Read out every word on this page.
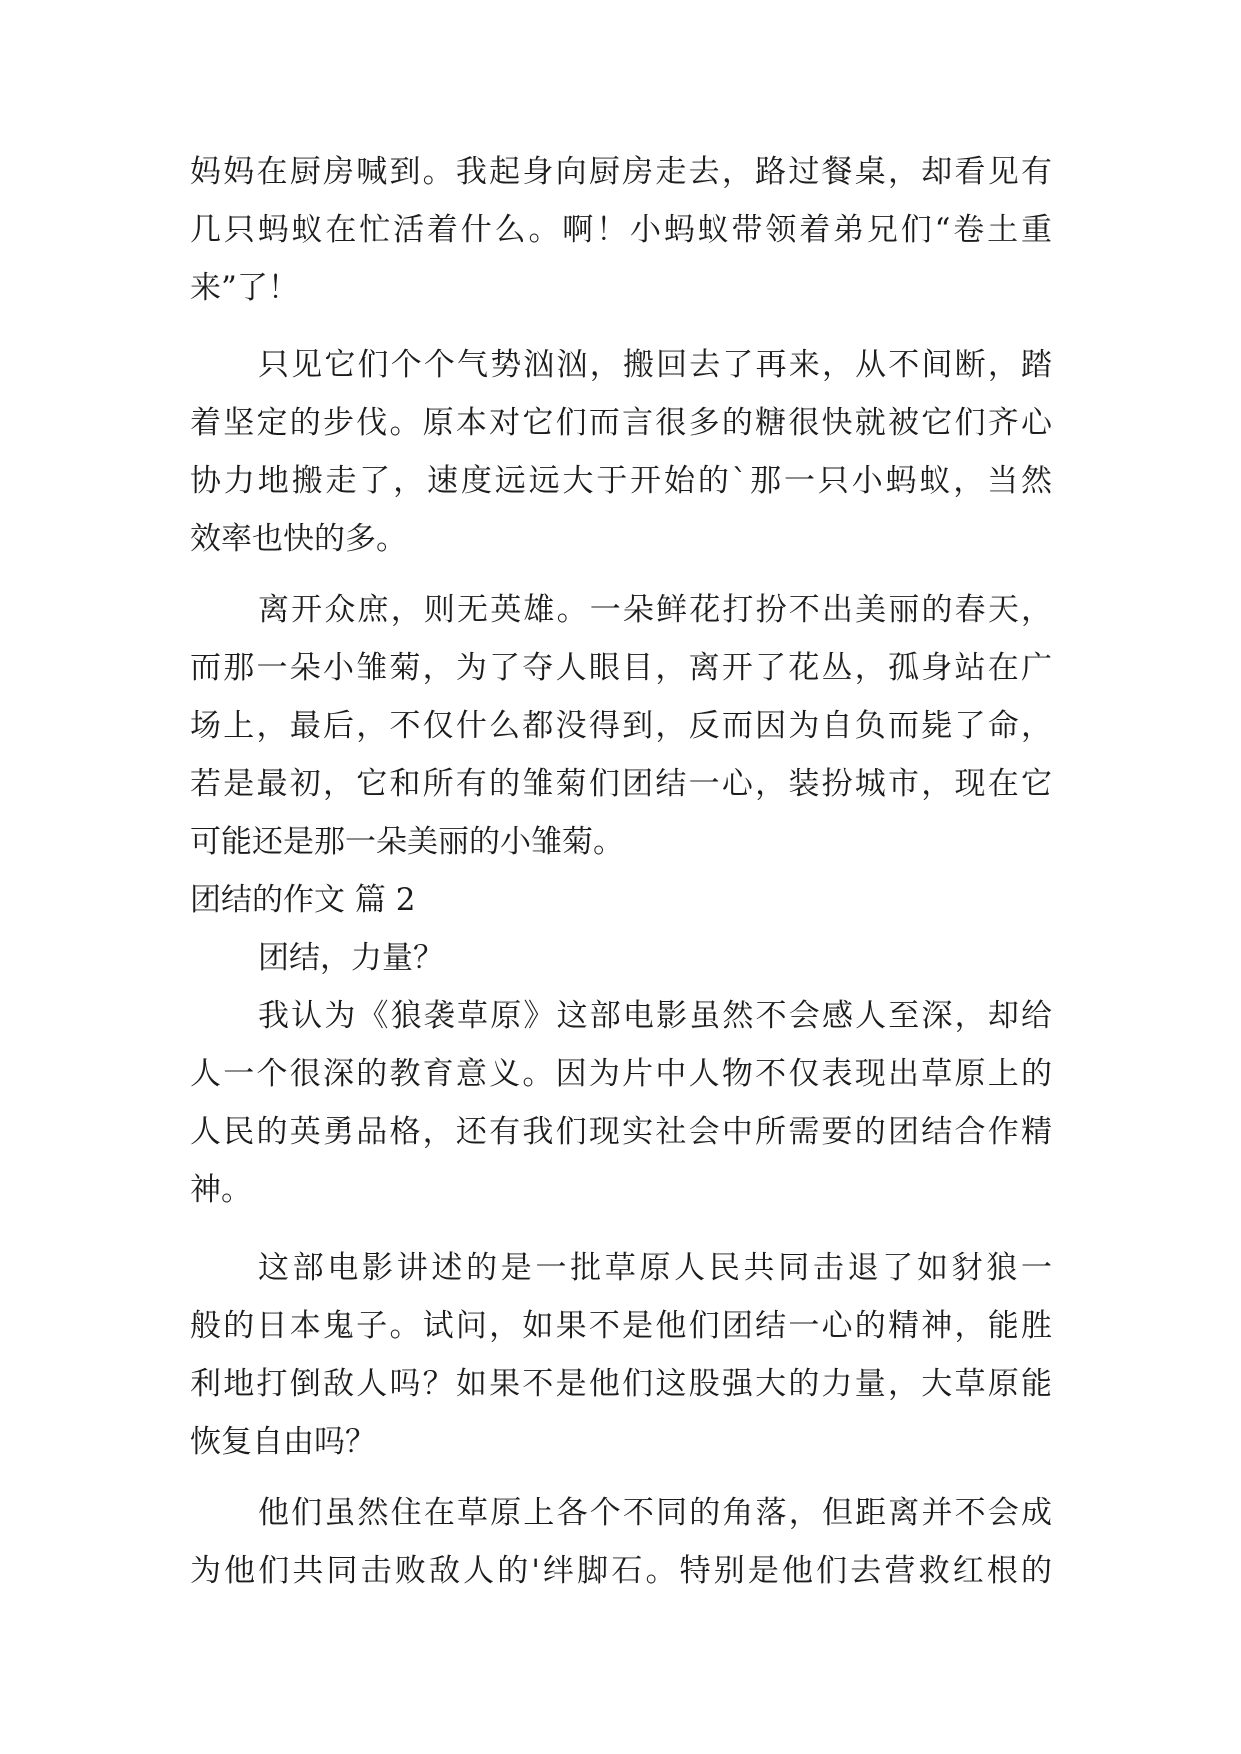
妈妈在厨房喊到。我起身向厨房走去，路过餐桌，却看见有
几只蚂蚁在忙活着什么。啊！小蚂蚁带领着弟兄们“卷土重
来”了！
只见它们个个气势汹汹，搬回去了再来，从不间断，踏
着坚定的步伐。原本对它们而言很多的糖很快就被它们齐心
协力地搬走了，速度远远大于开始的`那一只小蚂蚁，当然
效率也快的多。
离开众庶，则无英雄。一朵鲜花打扮不出美丽的春天，
而那一朵小雏菊，为了夺人眼目，离开了花丛，孤身站在广
场上，最后，不仅什么都没得到，反而因为自负而毙了命，
若是最初，它和所有的雏菊们团结一心，装扮城市，现在它
可能还是那一朵美丽的小雏菊。
团结的作文 篇 2
团结，力量？
我认为《狼袭草原》这部电影虽然不会感人至深，却给
人一个很深的教育意义。因为片中人物不仅表现出草原上的
人民的英勇品格，还有我们现实社会中所需要的团结合作精
神。
这部电影讲述的是一批草原人民共同击退了如豺狼一
般的日本鬼子。试问，如果不是他们团结一心的精神，能胜
利地打倒敌人吗？如果不是他们这股强大的力量，大草原能
恢复自由吗？
他们虽然住在草原上各个不同的角落，但距离并不会成
为他们共同击败敌人的'绊脚石。特别是他们去营救红根的
